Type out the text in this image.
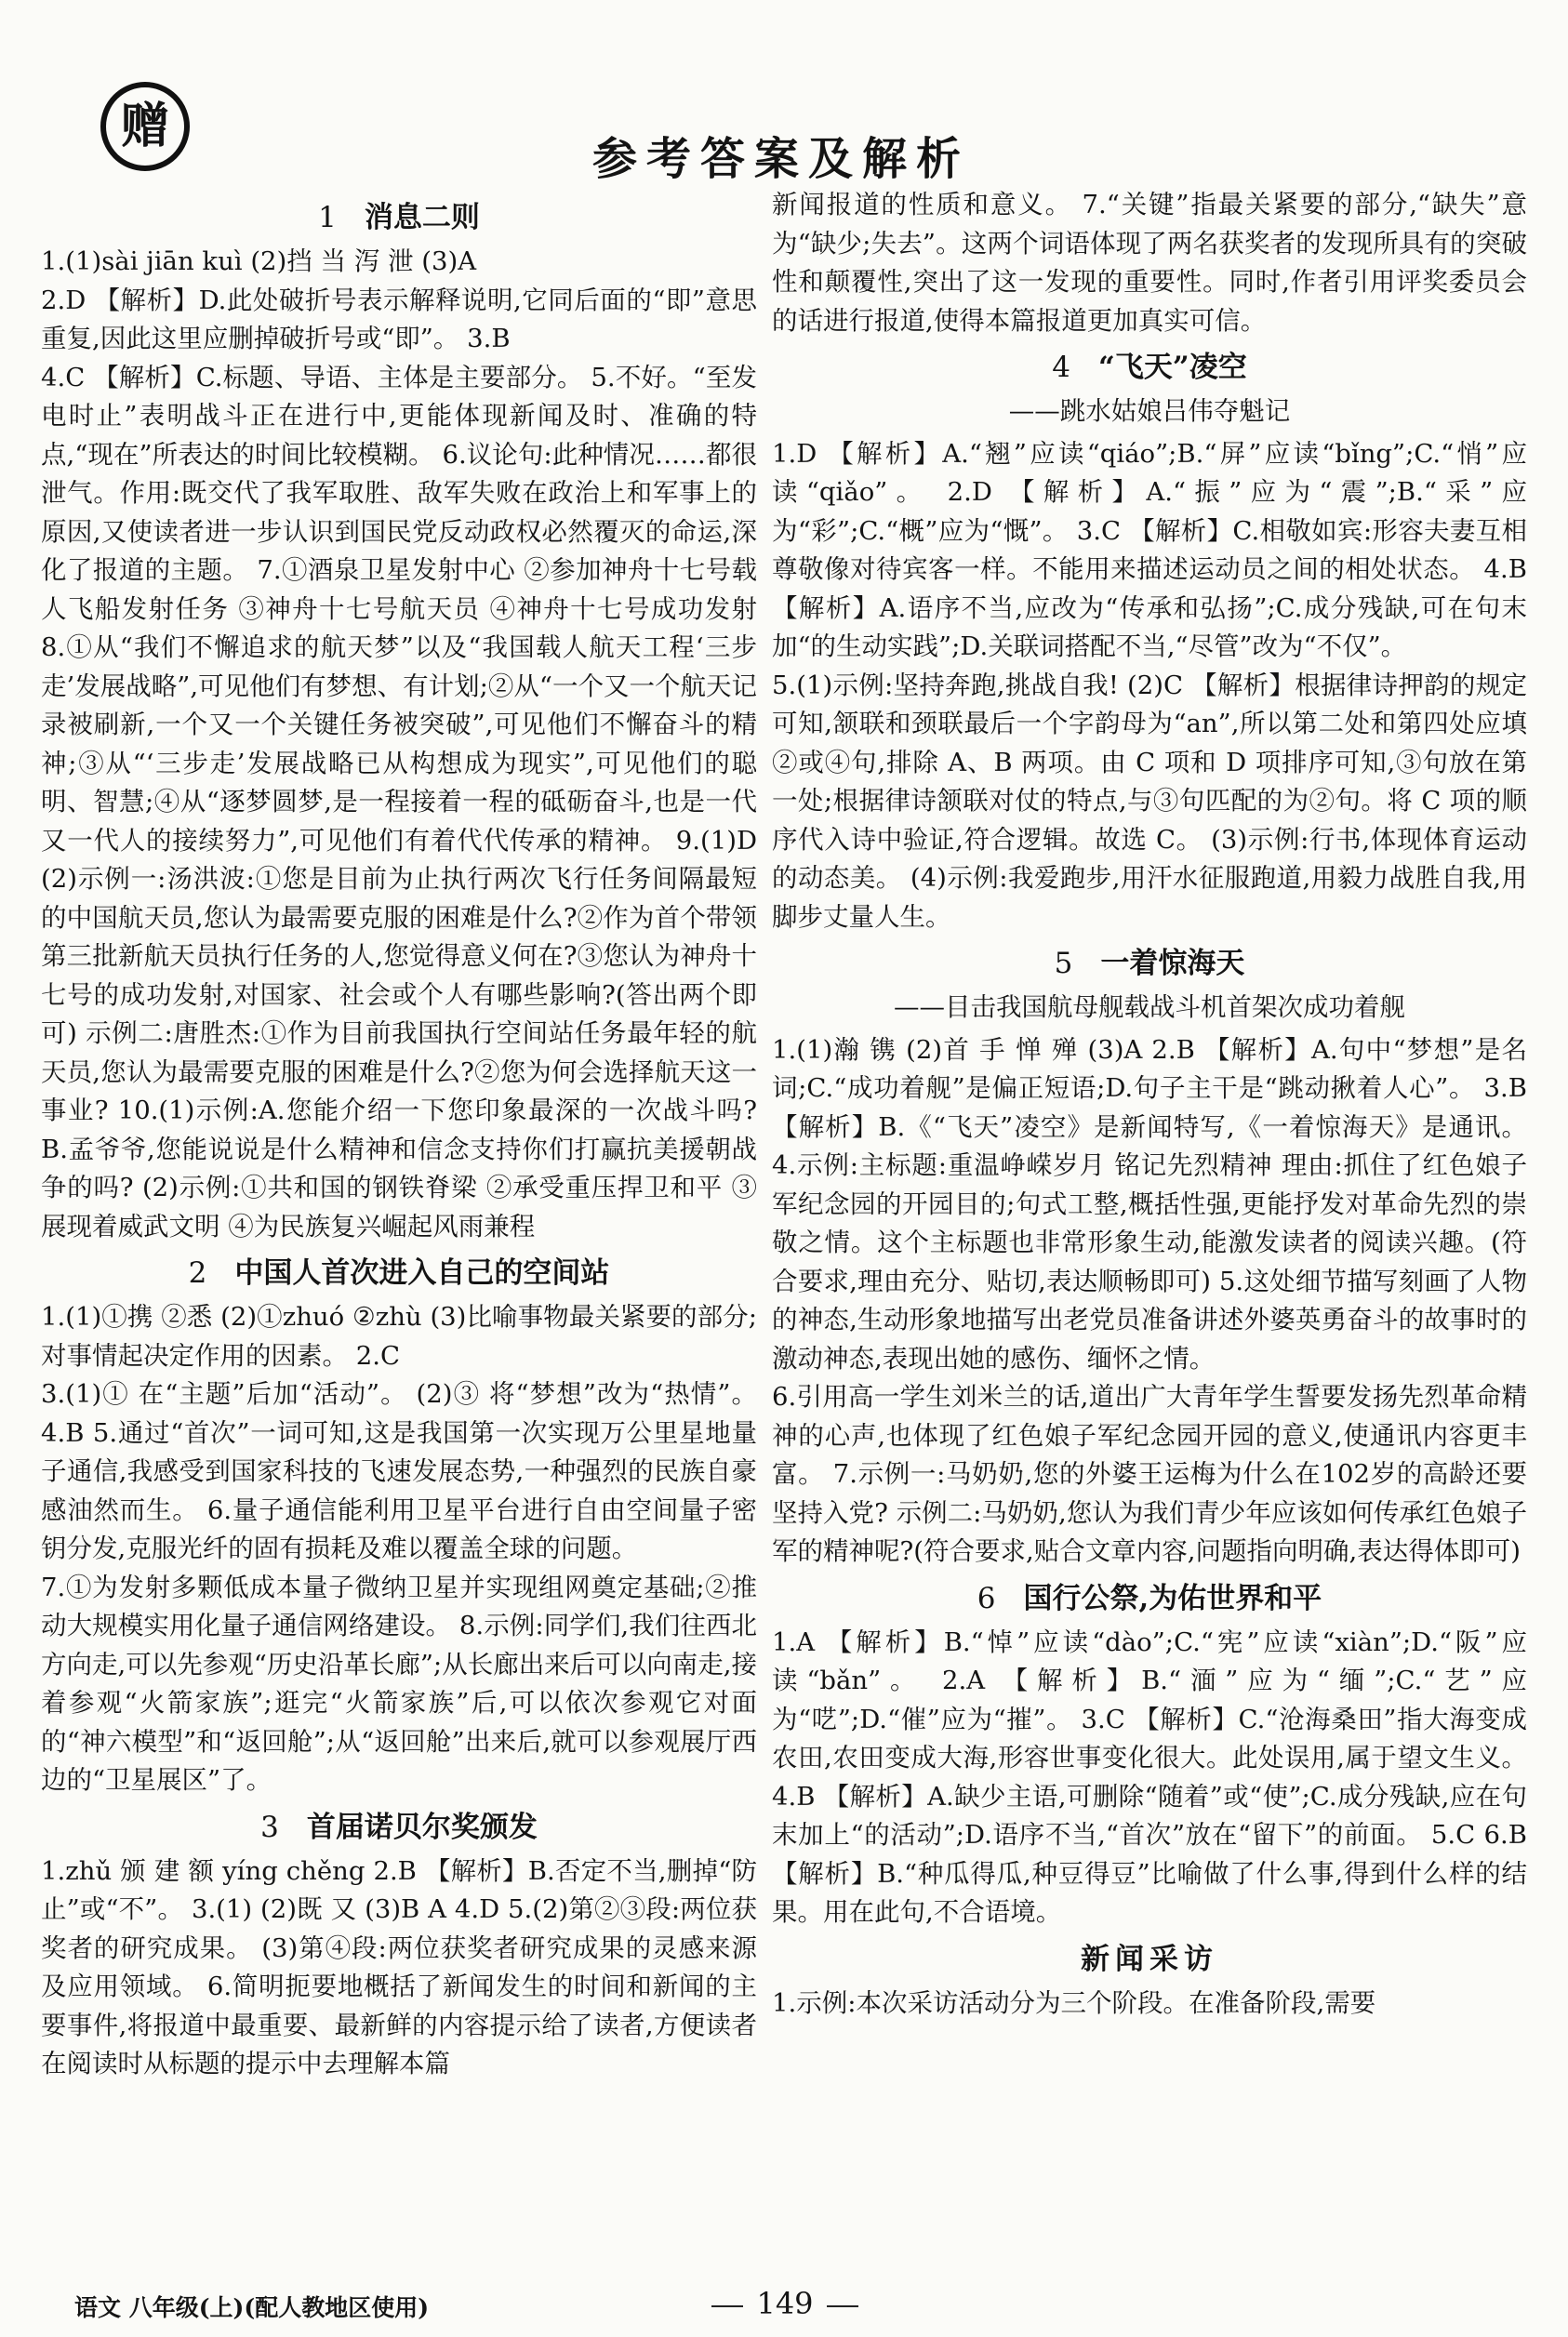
赠
参考答案及解析
1 消息二则

1.(1)sài jiān kuì (2)挡 当 泻 泄 (3)A

2.D 【解析】D.此处破折号表示解释说明,它同后面的“即”意思重复,因此这里应删掉破折号或“即”。 3.B

4.C 【解析】C.标题、导语、主体是主要部分。 5.不好。“至发电时止”表明战斗正在进行中,更能体现新闻及时、准确的特点,“现在”所表达的时间比较模糊。 6.议论句:此种情况……都很泄气。作用:既交代了我军取胜、敌军失败在政治上和军事上的原因,又使读者进一步认识到国民党反动政权必然覆灭的命运,深化了报道的主题。 7.①酒泉卫星发射中心 ②参加神舟十七号载人飞船发射任务 ③神舟十七号航天员 ④神舟十七号成功发射 8.①从“我们不懈追求的航天梦”以及“我国载人航天工程‘三步走’发展战略”,可见他们有梦想、有计划;②从“一个又一个航天记录被刷新,一个又一个关键任务被突破”,可见他们不懈奋斗的精神;③从“‘三步走’发展战略已从构想成为现实”,可见他们的聪明、智慧;④从“逐梦圆梦,是一程接着一程的砥砺奋斗,也是一代又一代人的接续努力”,可见他们有着代代传承的精神。 9.(1)D (2)示例一:汤洪波:①您是目前为止执行两次飞行任务间隔最短的中国航天员,您认为最需要克服的困难是什么?②作为首个带领第三批新航天员执行任务的人,您觉得意义何在?③您认为神舟十七号的成功发射,对国家、社会或个人有哪些影响?(答出两个即可) 示例二:唐胜杰:①作为目前我国执行空间站任务最年轻的航天员,您认为最需要克服的困难是什么?②您为何会选择航天这一事业? 10.(1)示例:A.您能介绍一下您印象最深的一次战斗吗? B.孟爷爷,您能说说是什么精神和信念支持你们打赢抗美援朝战争的吗? (2)示例:①共和国的钢铁脊梁 ②承受重压捍卫和平 ③展现着威武文明 ④为民族复兴崛起风雨兼程

2 中国人首次进入自己的空间站

1.(1)①携 ②悉 (2)①zhuó ②zhù (3)比喻事物最关紧要的部分;对事情起决定作用的因素。 2.C

3.(1)① 在“主题”后加“活动”。 (2)③ 将“梦想”改为“热情”。 4.B 5.通过“首次”一词可知,这是我国第一次实现万公里星地量子通信,我感受到国家科技的飞速发展态势,一种强烈的民族自豪感油然而生。 6.量子通信能利用卫星平台进行自由空间量子密钥分发,克服光纤的固有损耗及难以覆盖全球的问题。

7.①为发射多颗低成本量子微纳卫星并实现组网奠定基础;②推动大规模实用化量子通信网络建设。 8.示例:同学们,我们往西北方向走,可以先参观“历史沿革长廊”;从长廊出来后可以向南走,接着参观“火箭家族”;逛完“火箭家族”后,可以依次参观它对面的“神六模型”和“返回舱”;从“返回舱”出来后,就可以参观展厅西边的“卫星展区”了。

3 首届诺贝尔奖颁发

1.zhǔ 颁 建 额 yíng chěng 2.B 【解析】B.否定不当,删掉“防止”或“不”。 3.(1) (2)既 又 (3)B A 4.D 5.(2)第②③段:两位获奖者的研究成果。 (3)第④段:两位获奖者研究成果的灵感来源及应用领域。 6.简明扼要地概括了新闻发生的时间和新闻的主要事件,将报道中最重要、最新鲜的内容提示给了读者,方便读者在阅读时从标题的提示中去理解本篇

新闻报道的性质和意义。 7.“关键”指最关紧要的部分,“缺失”意为“缺少;失去”。这两个词语体现了两名获奖者的发现所具有的突破性和颠覆性,突出了这一发现的重要性。同时,作者引用评奖委员会的话进行报道,使得本篇报道更加真实可信。

4 “飞天”凌空

——跳水姑娘吕伟夺魁记

1.D 【解析】A.“翘”应读“qiáo”;B.“屏”应读“bǐng”;C.“悄”应读“qiǎo”。 2.D 【解析】A.“振”应为“震”;B.“采”应为“彩”;C.“概”应为“慨”。 3.C 【解析】C.相敬如宾:形容夫妻互相尊敬像对待宾客一样。不能用来描述运动员之间的相处状态。 4.B 【解析】A.语序不当,应改为“传承和弘扬”;C.成分残缺,可在句末加“的生动实践”;D.关联词搭配不当,“尽管”改为“不仅”。

5.(1)示例:坚持奔跑,挑战自我! (2)C 【解析】根据律诗押韵的规定可知,颔联和颈联最后一个字韵母为“an”,所以第二处和第四处应填②或④句,排除 A、B 两项。由 C 项和 D 项排序可知,③句放在第一处;根据律诗颔联对仗的特点,与③句匹配的为②句。将 C 项的顺序代入诗中验证,符合逻辑。故选 C。 (3)示例:行书,体现体育运动的动态美。 (4)示例:我爱跑步,用汗水征服跑道,用毅力战胜自我,用脚步丈量人生。

5 一着惊海天

——目击我国航母舰载战斗机首架次成功着舰

1.(1)瀚 镌 (2)首 手 惮 殚 (3)A 2.B 【解析】A.句中“梦想”是名词;C.“成功着舰”是偏正短语;D.句子主干是“跳动揪着人心”。 3.B 【解析】B.《“飞天”凌空》是新闻特写,《一着惊海天》是通讯。 4.示例:主标题:重温峥嵘岁月 铭记先烈精神 理由:抓住了红色娘子军纪念园的开园目的;句式工整,概括性强,更能抒发对革命先烈的崇敬之情。这个主标题也非常形象生动,能激发读者的阅读兴趣。(符合要求,理由充分、贴切,表达顺畅即可) 5.这处细节描写刻画了人物的神态,生动形象地描写出老党员准备讲述外婆英勇奋斗的故事时的激动神态,表现出她的感伤、缅怀之情。

6.引用高一学生刘米兰的话,道出广大青年学生誓要发扬先烈革命精神的心声,也体现了红色娘子军纪念园开园的意义,使通讯内容更丰富。 7.示例一:马奶奶,您的外婆王运梅为什么在102岁的高龄还要坚持入党? 示例二:马奶奶,您认为我们青少年应该如何传承红色娘子军的精神呢?(符合要求,贴合文章内容,问题指向明确,表达得体即可)

6 国行公祭,为佑世界和平

1.A 【解析】B.“悼”应读“dào”;C.“宪”应读“xiàn”;D.“阪”应读“bǎn”。 2.A 【解析】B.“湎”应为“缅”;C.“艺”应为“呓”;D.“催”应为“摧”。 3.C 【解析】C.“沧海桑田”指大海变成农田,农田变成大海,形容世事变化很大。此处误用,属于望文生义。 4.B 【解析】A.缺少主语,可删除“随着”或“使”;C.成分残缺,应在句末加上“的活动”;D.语序不当,“首次”放在“留下”的前面。 5.C 6.B 【解析】B.“种瓜得瓜,种豆得豆”比喻做了什么事,得到什么样的结果。用在此句,不合语境。

新闻采访

1.示例:本次采访活动分为三个阶段。在准备阶段,需要

语文 八年级(上)(配人教地区使用)	149
